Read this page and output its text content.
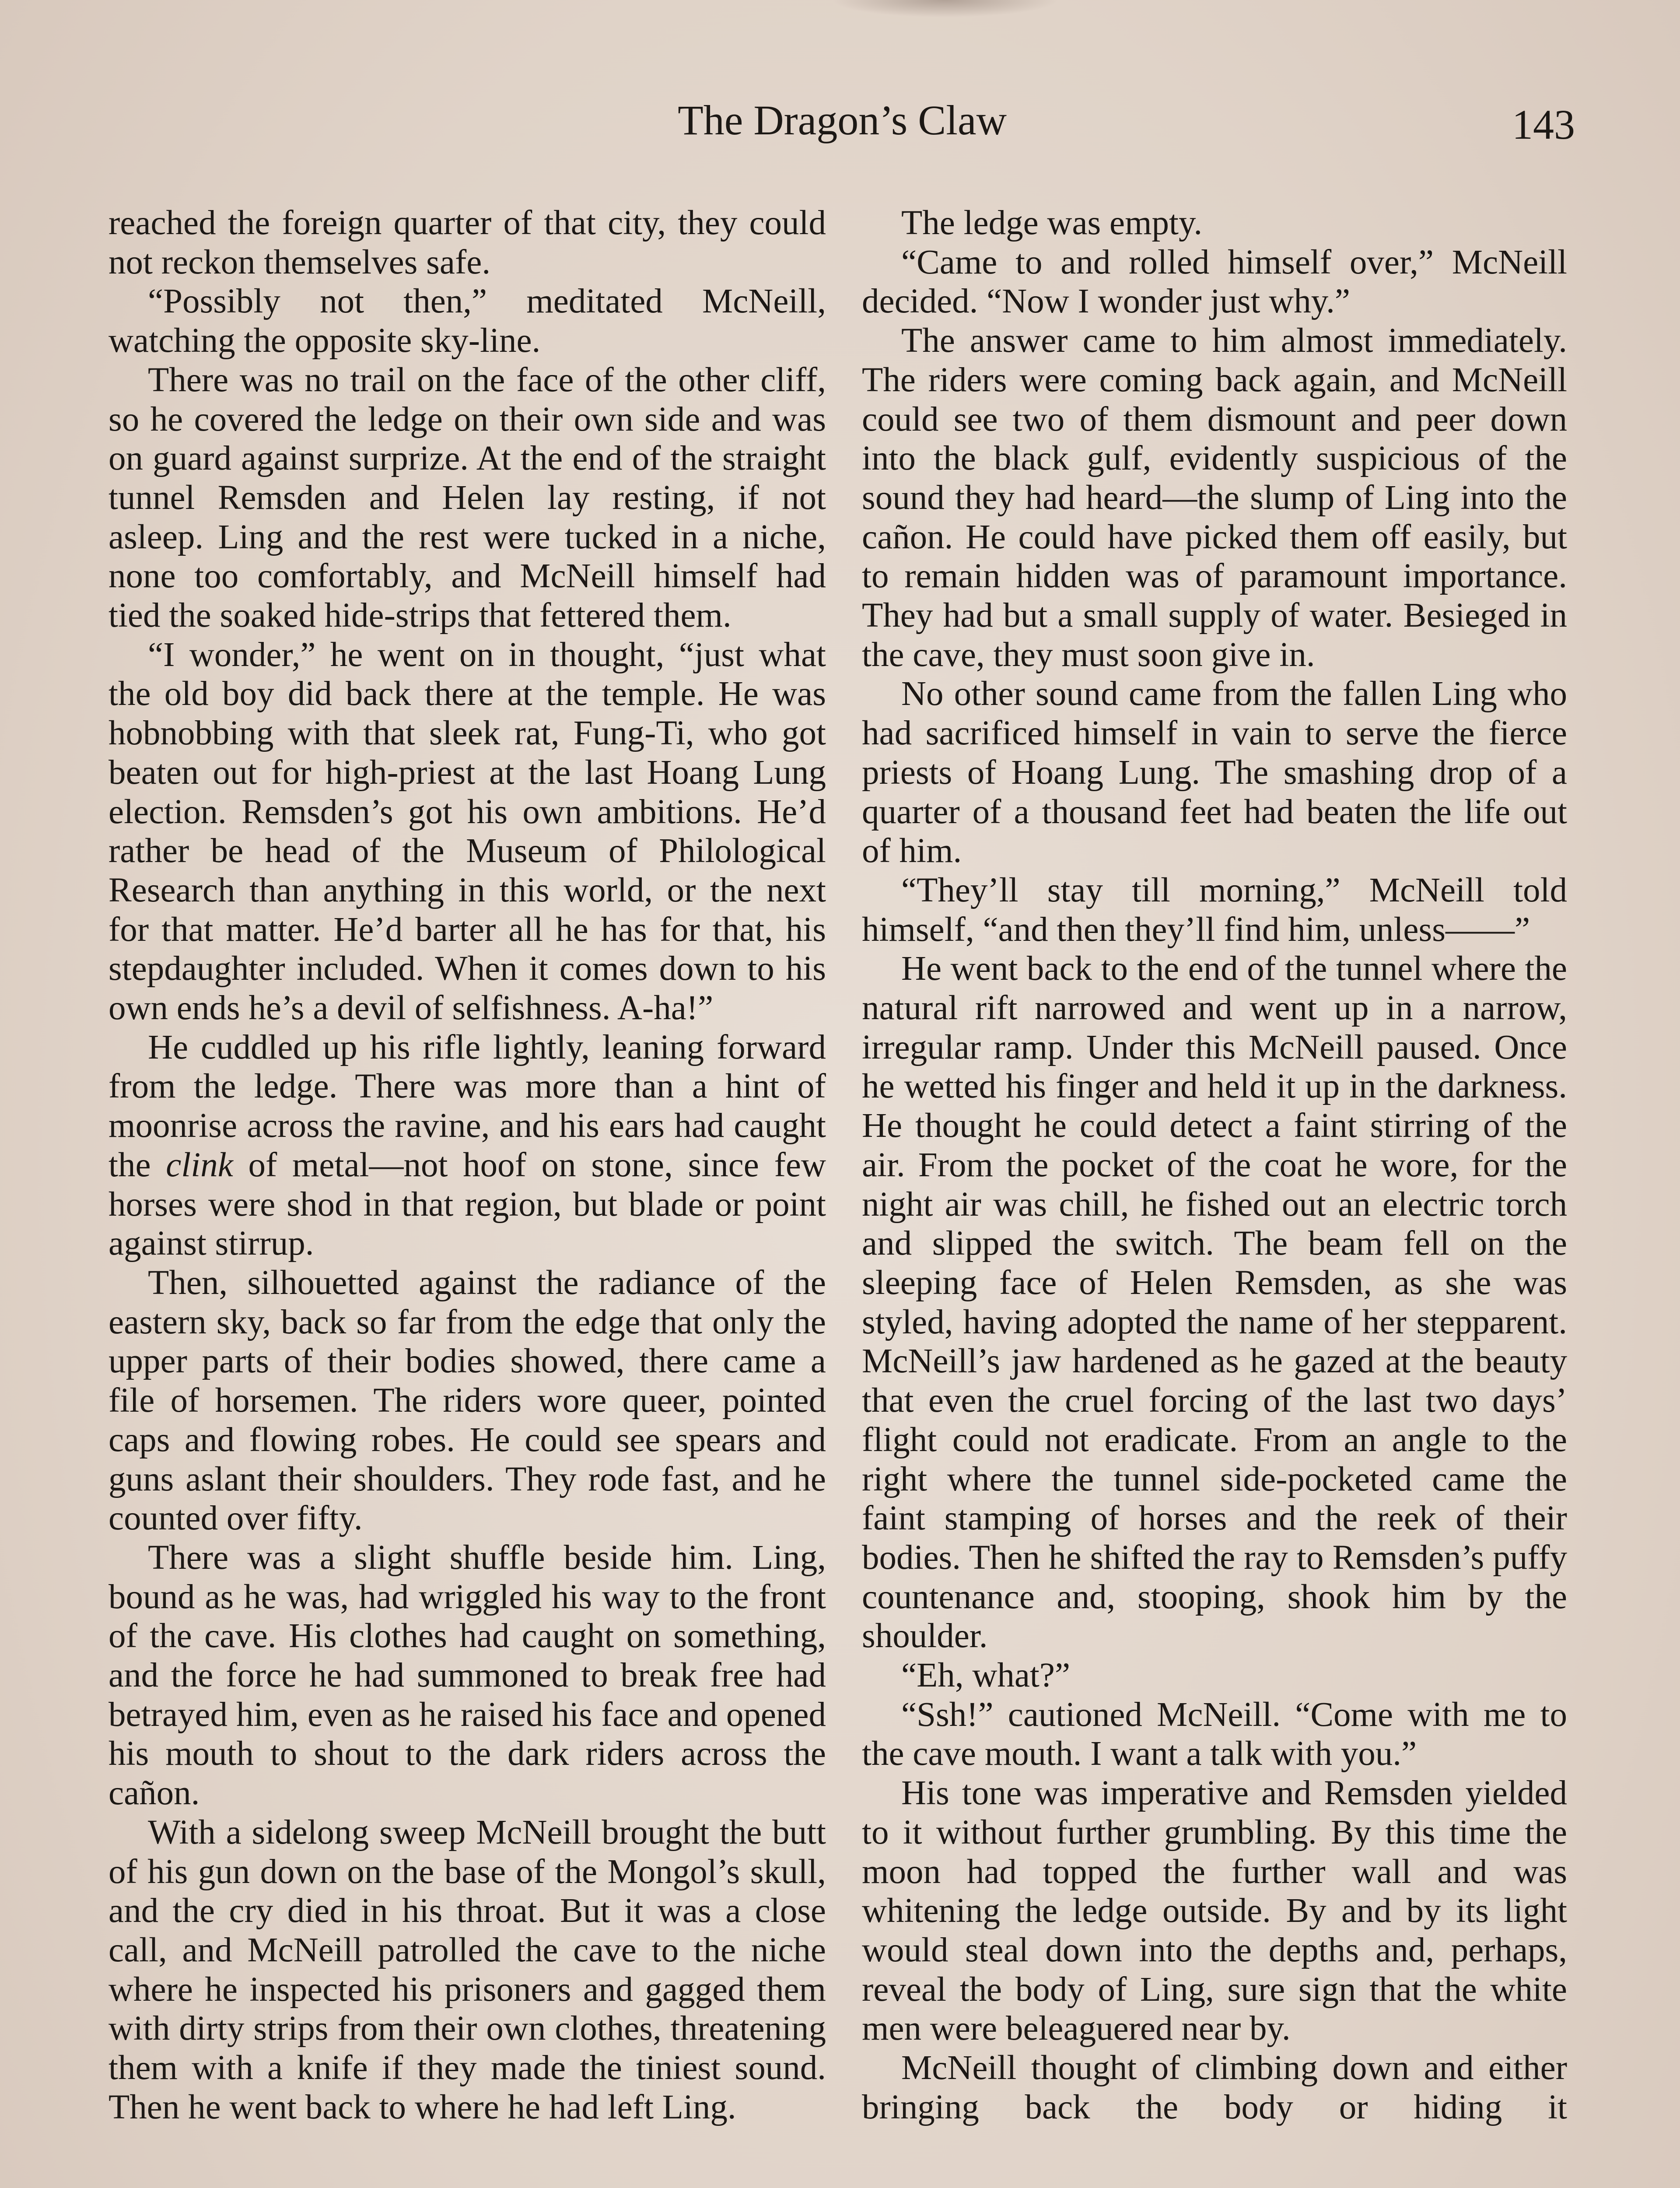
The Dragon’s Claw	143

reached the foreign quarter of that city, they could not reckon themselves safe.

“Possibly not then,” meditated McNeill, watching the opposite sky-line.

There was no trail on the face of the other cliff, so he covered the ledge on their own side and was on guard against surprize. At the end of the straight tunnel Remsden and Helen lay resting, if not asleep. Ling and the rest were tucked in a niche, none too comfortably, and McNeill himself had tied the soaked hide-strips that fettered them.

“I wonder,” he went on in thought, “just what the old boy did back there at the temple. He was hobnobbing with that sleek rat, Fung-Ti, who got beaten out for high-priest at the last Hoang Lung election. Remsden’s got his own ambitions. He’d rather be head of the Museum of Philological Research than anything in this world, or the next for that matter. He’d barter all he has for that, his stepdaughter included. When it comes down to his own ends he’s a devil of selfishness. A-ha!”

He cuddled up his rifle lightly, leaning forward from the ledge. There was more than a hint of moonrise across the ravine, and his ears had caught the clink of metal—not hoof on stone, since few horses were shod in that region, but blade or point against stirrup.

Then, silhouetted against the radiance of the eastern sky, back so far from the edge that only the upper parts of their bodies showed, there came a file of horsemen. The riders wore queer, pointed caps and flowing robes. He could see spears and guns aslant their shoulders. They rode fast, and he counted over fifty.

There was a slight shuffle beside him. Ling, bound as he was, had wriggled his way to the front of the cave. His clothes had caught on something, and the force he had summoned to break free had betrayed him, even as he raised his face and opened his mouth to shout to the dark riders across the cañon.

With a sidelong sweep McNeill brought the butt of his gun down on the base of the Mongol’s skull, and the cry died in his throat. But it was a close call, and McNeill patrolled the cave to the niche where he inspected his prisoners and gagged them with dirty strips from their own clothes, threatening them with a knife if they made the tiniest sound. Then he went back to where he had left Ling.

The ledge was empty.

“Came to and rolled himself over,” McNeill decided. “Now I wonder just why.”

The answer came to him almost immediately. The riders were coming back again, and McNeill could see two of them dismount and peer down into the black gulf, evidently suspicious of the sound they had heard—the slump of Ling into the cañon. He could have picked them off easily, but to remain hidden was of paramount importance. They had but a small supply of water. Besieged in the cave, they must soon give in.

No other sound came from the fallen Ling who had sacrificed himself in vain to serve the fierce priests of Hoang Lung. The smashing drop of a quarter of a thousand feet had beaten the life out of him.

“They’ll stay till morning,” McNeill told himself, “and then they’ll find him, unless——”

He went back to the end of the tunnel where the natural rift narrowed and went up in a narrow, irregular ramp. Under this McNeill paused. Once he wetted his finger and held it up in the darkness. He thought he could detect a faint stirring of the air. From the pocket of the coat he wore, for the night air was chill, he fished out an electric torch and slipped the switch. The beam fell on the sleeping face of Helen Remsden, as she was styled, having adopted the name of her stepparent. McNeill’s jaw hardened as he gazed at the beauty that even the cruel forcing of the last two days’ flight could not eradicate. From an angle to the right where the tunnel side-pocketed came the faint stamping of horses and the reek of their bodies. Then he shifted the ray to Remsden’s puffy countenance and, stooping, shook him by the shoulder.

“Eh, what?”

“Ssh!” cautioned McNeill. “Come with me to the cave mouth. I want a talk with you.”

His tone was imperative and Remsden yielded to it without further grumbling. By this time the moon had topped the further wall and was whitening the ledge outside. By and by its light would steal down into the depths and, perhaps, reveal the body of Ling, sure sign that the white men were beleaguered near by.

McNeill thought of climbing down and either bringing back the body or hiding it
